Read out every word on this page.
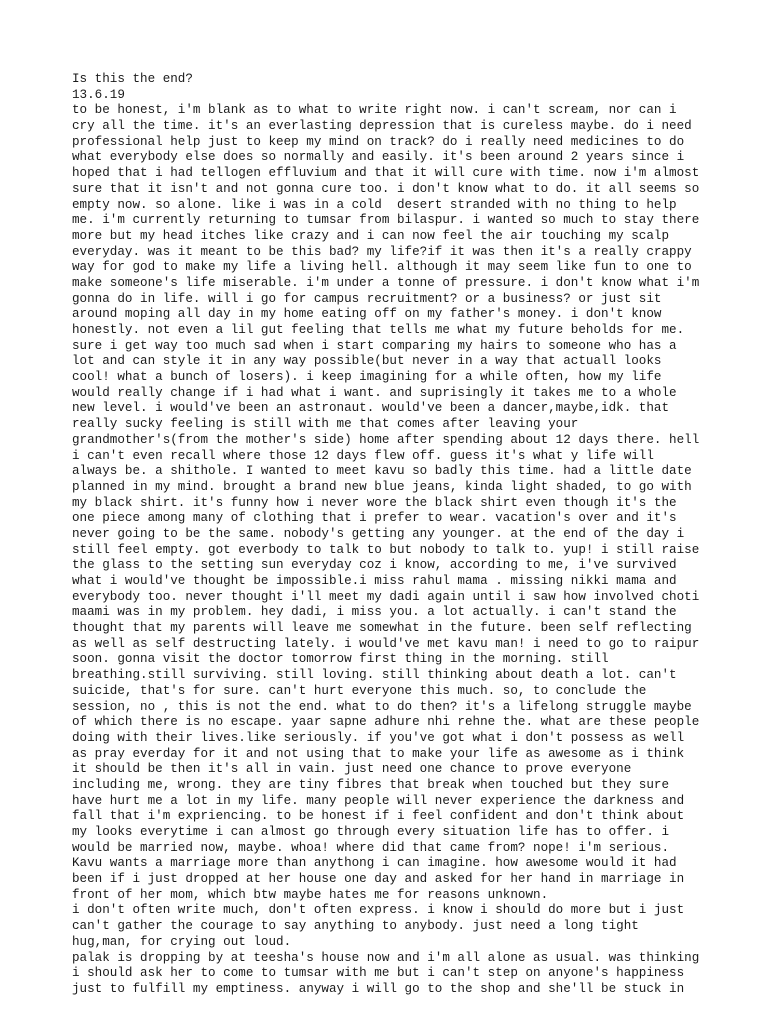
Is this the end?
13.6.19
to be honest, i'm blank as to what to write right now. i can't scream, nor can i
cry all the time. it's an everlasting depression that is cureless maybe. do i need
professional help just to keep my mind on track? do i really need medicines to do
what everybody else does so normally and easily. it's been around 2 years since i
hoped that i had tellogen effluvium and that it will cure with time. now i'm almost
sure that it isn't and not gonna cure too. i don't know what to do. it all seems so
empty now. so alone. like i was in a cold  desert stranded with no thing to help
me. i'm currently returning to tumsar from bilaspur. i wanted so much to stay there
more but my head itches like crazy and i can now feel the air touching my scalp
everyday. was it meant to be this bad? my life?if it was then it's a really crappy
way for god to make my life a living hell. although it may seem like fun to one to
make someone's life miserable. i'm under a tonne of pressure. i don't know what i'm
gonna do in life. will i go for campus recruitment? or a business? or just sit
around moping all day in my home eating off on my father's money. i don't know
honestly. not even a lil gut feeling that tells me what my future beholds for me.
sure i get way too much sad when i start comparing my hairs to someone who has a
lot and can style it in any way possible(but never in a way that actuall looks
cool! what a bunch of losers). i keep imagining for a while often, how my life
would really change if i had what i want. and suprisingly it takes me to a whole
new level. i would've been an astronaut. would've been a dancer,maybe,idk. that
really sucky feeling is still with me that comes after leaving your
grandmother's(from the mother's side) home after spending about 12 days there. hell
i can't even recall where those 12 days flew off. guess it's what y life will
always be. a shithole. I wanted to meet kavu so badly this time. had a little date
planned in my mind. brought a brand new blue jeans, kinda light shaded, to go with
my black shirt. it's funny how i never wore the black shirt even though it's the
one piece among many of clothing that i prefer to wear. vacation's over and it's
never going to be the same. nobody's getting any younger. at the end of the day i
still feel empty. got everbody to talk to but nobody to talk to. yup! i still raise
the glass to the setting sun everyday coz i know, according to me, i've survived
what i would've thought be impossible.i miss rahul mama . missing nikki mama and
everybody too. never thought i'll meet my dadi again until i saw how involved choti
maami was in my problem. hey dadi, i miss you. a lot actually. i can't stand the
thought that my parents will leave me somewhat in the future. been self reflecting
as well as self destructing lately. i would've met kavu man! i need to go to raipur
soon. gonna visit the doctor tomorrow first thing in the morning. still
breathing.still surviving. still loving. still thinking about death a lot. can't
suicide, that's for sure. can't hurt everyone this much. so, to conclude the
session, no , this is not the end. what to do then? it's a lifelong struggle maybe
of which there is no escape. yaar sapne adhure nhi rehne the. what are these people
doing with their lives.like seriously. if you've got what i don't possess as well
as pray everday for it and not using that to make your life as awesome as i think
it should be then it's all in vain. just need one chance to prove everyone
including me, wrong. they are tiny fibres that break when touched but they sure
have hurt me a lot in my life. many people will never experience the darkness and
fall that i'm expriencing. to be honest if i feel confident and don't think about
my looks everytime i can almost go through every situation life has to offer. i
would be married now, maybe. whoa! where did that came from? nope! i'm serious.
Kavu wants a marriage more than anythong i can imagine. how awesome would it had
been if i just dropped at her house one day and asked for her hand in marriage in
front of her mom, which btw maybe hates me for reasons unknown.
i don't often write much, don't often express. i know i should do more but i just
can't gather the courage to say anything to anybody. just need a long tight
hug,man, for crying out loud.
palak is dropping by at teesha's house now and i'm all alone as usual. was thinking
i should ask her to come to tumsar with me but i can't step on anyone's happiness
just to fulfill my emptiness. anyway i will go to the shop and she'll be stuck in
